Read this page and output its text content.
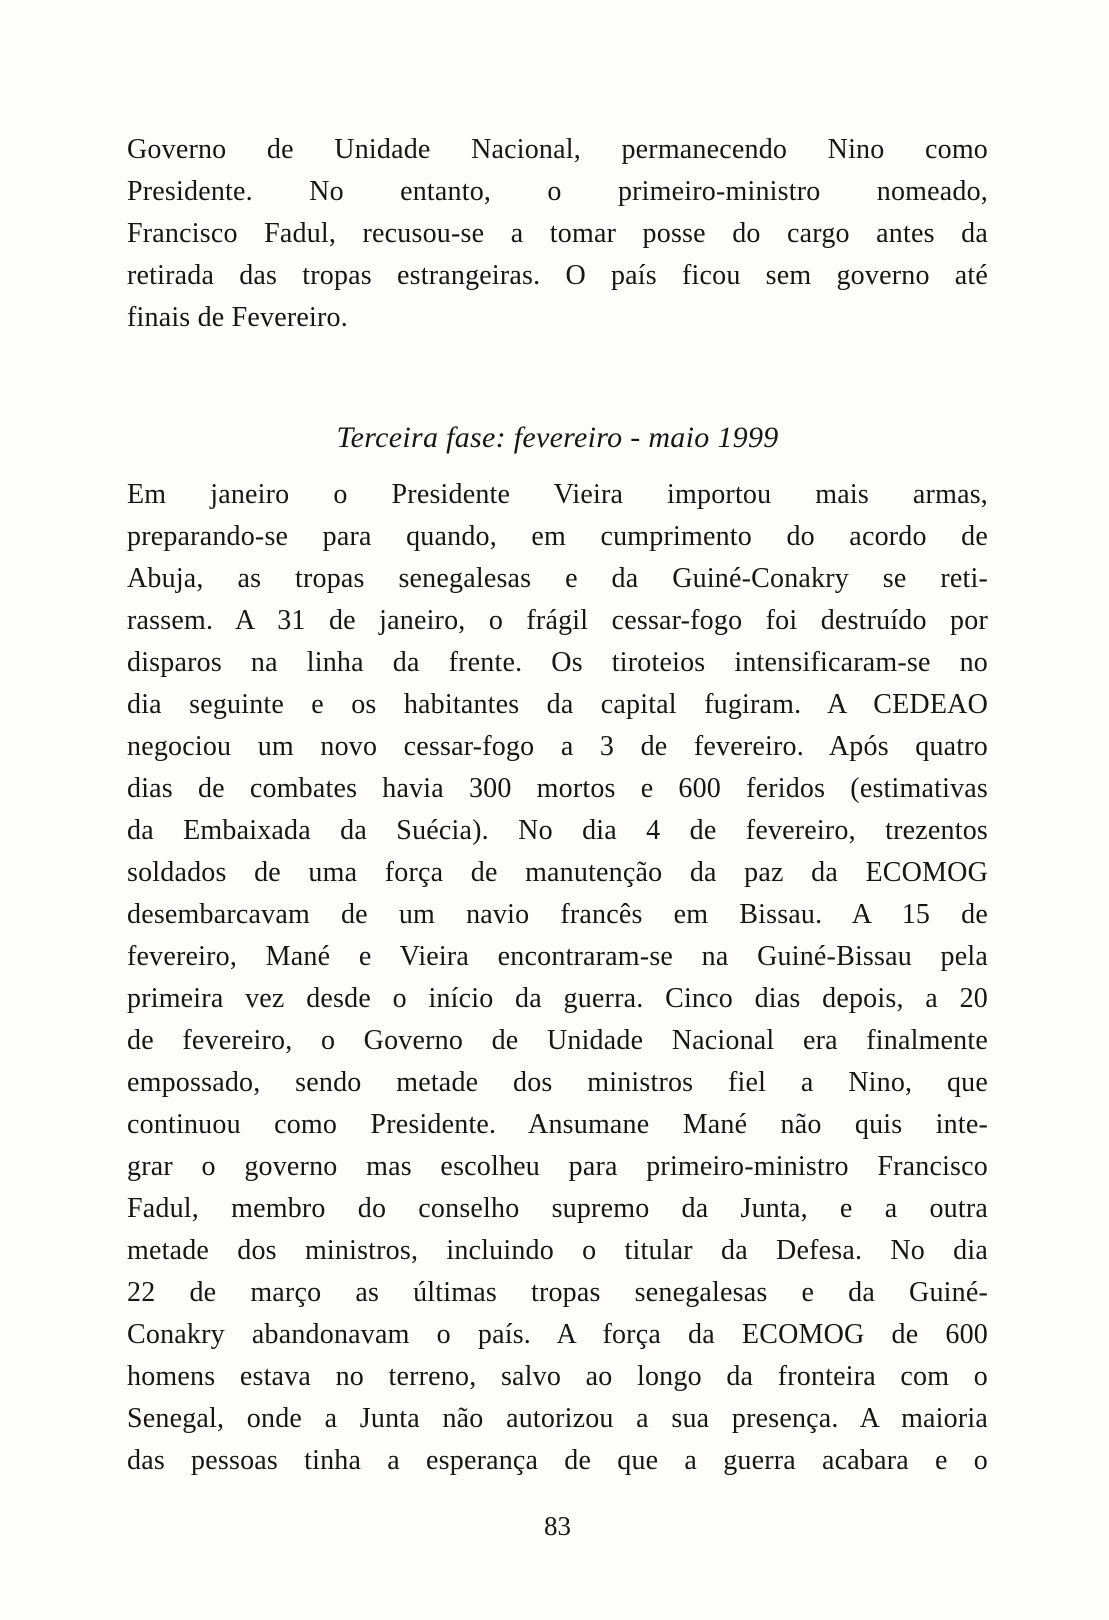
Governo de Unidade Nacional, permanecendo Nino como
Presidente. No entanto, o primeiro-ministro nomeado,
Francisco Fadul, recusou-se a tomar posse do cargo antes da
retirada das tropas estrangeiras. O país ficou sem governo até
finais de Fevereiro.

Terceira fase: fevereiro - maio 1999

Em janeiro o Presidente Vieira importou mais armas,
preparando-se para quando, em cumprimento do acordo de
Abuja, as tropas senegalesas e da Guiné-Conakry se reti-
rassem. A 31 de janeiro, o frágil cessar-fogo foi destruído por
disparos na linha da frente. Os tiroteios intensificaram-se no
dia seguinte e os habitantes da capital fugiram. A CEDEAO
negociou um novo cessar-fogo a 3 de fevereiro. Após quatro
dias de combates havia 300 mortos e 600 feridos (estimativas
da Embaixada da Suécia). No dia 4 de fevereiro, trezentos
soldados de uma força de manutenção da paz da ECOMOG
desembarcavam de um navio francês em Bissau. A 15 de
fevereiro, Mané e Vieira encontraram-se na Guiné-Bissau pela
primeira vez desde o início da guerra. Cinco dias depois, a 20
de fevereiro, o Governo de Unidade Nacional era finalmente
empossado, sendo metade dos ministros fiel a Nino, que
continuou como Presidente. Ansumane Mané não quis inte-
grar o governo mas escolheu para primeiro-ministro Francisco
Fadul, membro do conselho supremo da Junta, e a outra
metade dos ministros, incluindo o titular da Defesa. No dia
22 de março as últimas tropas senegalesas e da Guiné-
Conakry abandonavam o país. A força da ECOMOG de 600
homens estava no terreno, salvo ao longo da fronteira com o
Senegal, onde a Junta não autorizou a sua presença. A maioria
das pessoas tinha a esperança de que a guerra acabara e o

83
